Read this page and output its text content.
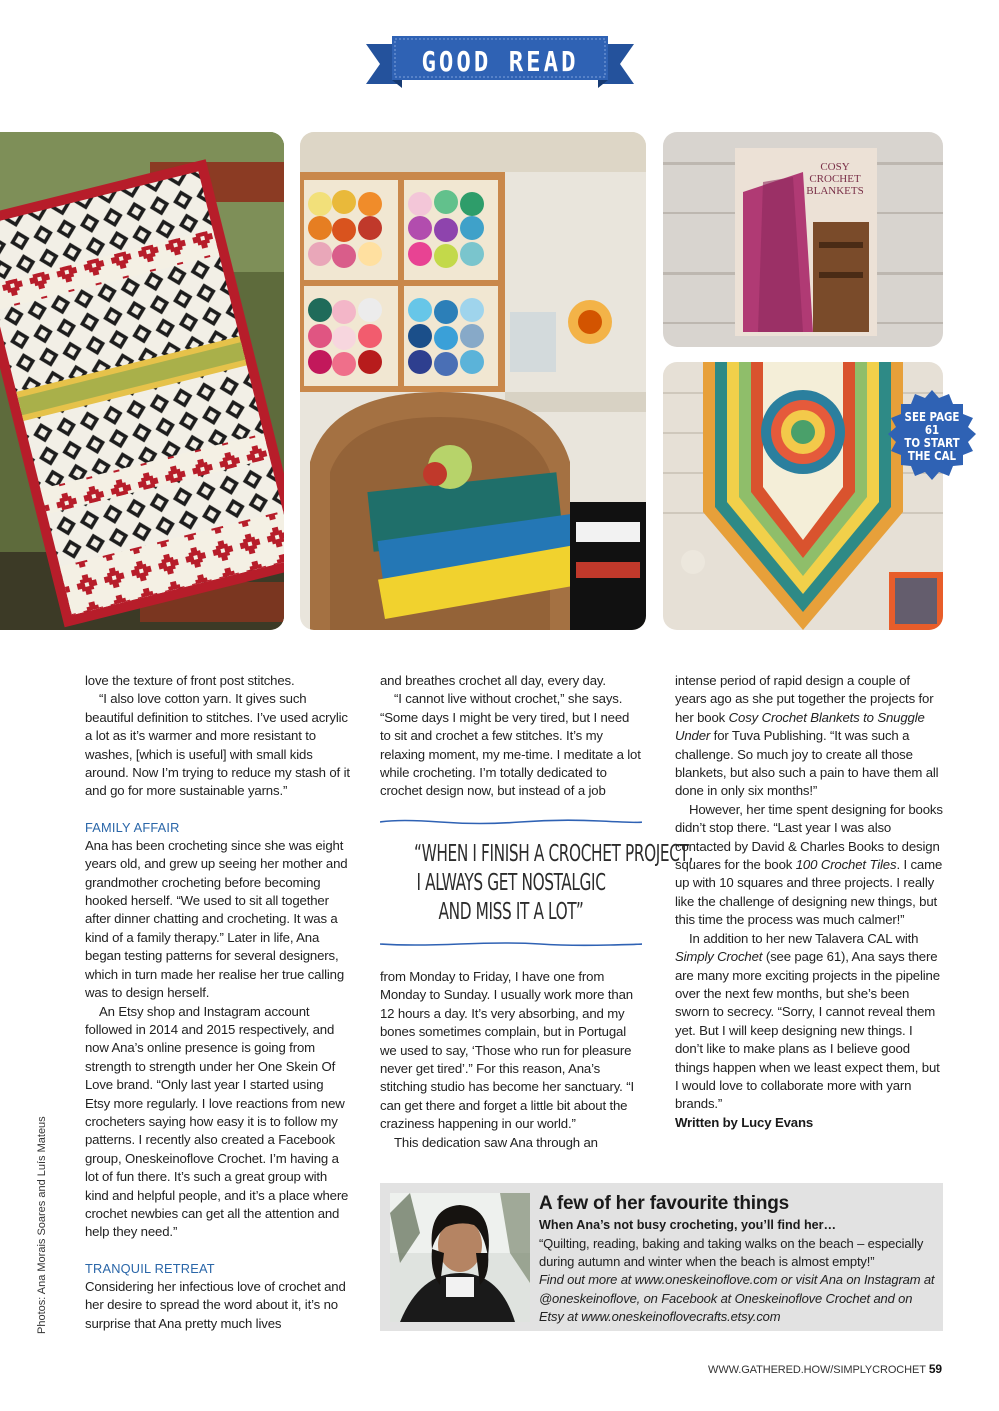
GOOD READ
COSY
CROCHET
BLANKETS
SEE PAGE 61
TO START
THE CAL

love the texture of front post stitches.

“I also love cotton yarn. It gives such beautiful definition to stitches. I’ve used acrylic a lot as it’s warmer and more resistant to washes, [which is useful] with small kids around. Now I’m trying to reduce my stash of it and go for more sustainable yarns.”

FAMILY AFFAIR

Ana has been crocheting since she was eight years old, and grew up seeing her mother and grandmother crocheting before becoming hooked herself. “We used to sit all together after dinner chatting and crocheting. It was a kind of a family therapy.” Later in life, Ana began testing patterns for several designers, which in turn made her realise her true calling was to design herself.

An Etsy shop and Instagram account followed in 2014 and 2015 respectively, and now Ana’s online presence is going from strength to strength under her One Skein Of Love brand. “Only last year I started using Etsy more regularly. I love reactions from new crocheters saying how easy it is to follow my patterns. I recently also created a Facebook group, Oneskeinoflove Crochet. I’m having a lot of fun there. It’s such a great group with kind and helpful people, and it’s a place where crochet newbies can get all the attention and help they need.”

TRANQUIL RETREAT

Considering her infectious love of crochet and her desire to spread the word about it, it’s no surprise that Ana pretty much lives

and breathes crochet all day, every day.

“I cannot live without crochet,” she says. “Some days I might be very tired, but I need to sit and crochet a few stitches. It’s my relaxing moment, my me-time. I meditate a lot while crocheting. I’m totally dedicated to crochet design now, but instead of a job

“WHEN I FINISH A CROCHET PROJECT,
I ALWAYS GET NOSTALGIC
AND MISS IT A LOT”

from Monday to Friday, I have one from Monday to Sunday. I usually work more than 12 hours a day. It’s very absorbing, and my bones sometimes complain, but in Portugal we used to say, ‘Those who run for pleasure never get tired’.” For this reason, Ana’s stitching studio has become her sanctuary. “I can get there and forget a little bit about the craziness happening in our world.”

This dedication saw Ana through an

intense period of rapid design a couple of years ago as she put together the projects for her book Cosy Crochet Blankets to Snuggle Under for Tuva Publishing. “It was such a challenge. So much joy to create all those blankets, but also such a pain to have them all done in only six months!”

However, her time spent designing for books didn’t stop there. “Last year I was also contacted by David & Charles Books to design squares for the book 100 Crochet Tiles. I came up with 10 squares and three projects. I really like the challenge of designing new things, but this time the process was much calmer!”

In addition to her new Talavera CAL with Simply Crochet (see page 61), Ana says there are many more exciting projects in the pipeline over the next few months, but she’s been sworn to secrecy. “Sorry, I cannot reveal them yet. But I will keep designing new things. I don’t like to make plans as I believe good things happen when we least expect them, but I would love to collaborate more with yarn brands.”

Written by Lucy Evans

Photos: Ana Morais Soares and Luís Mateus	A few of her favourite things
When Ana’s not busy crocheting, you’ll find her…

“Quilting, reading, baking and taking walks on the beach – especially during autumn and winter when the beach is almost empty!”

Find out more at www.oneskeinoflove.com or visit Ana on Instagram at @oneskeinoflove, on Facebook at Oneskeinoflove Crochet and on Etsy at www.oneskeinoflovecrafts.etsy.com

WWW.GATHERED.HOW/SIMPLYCROCHET 59
